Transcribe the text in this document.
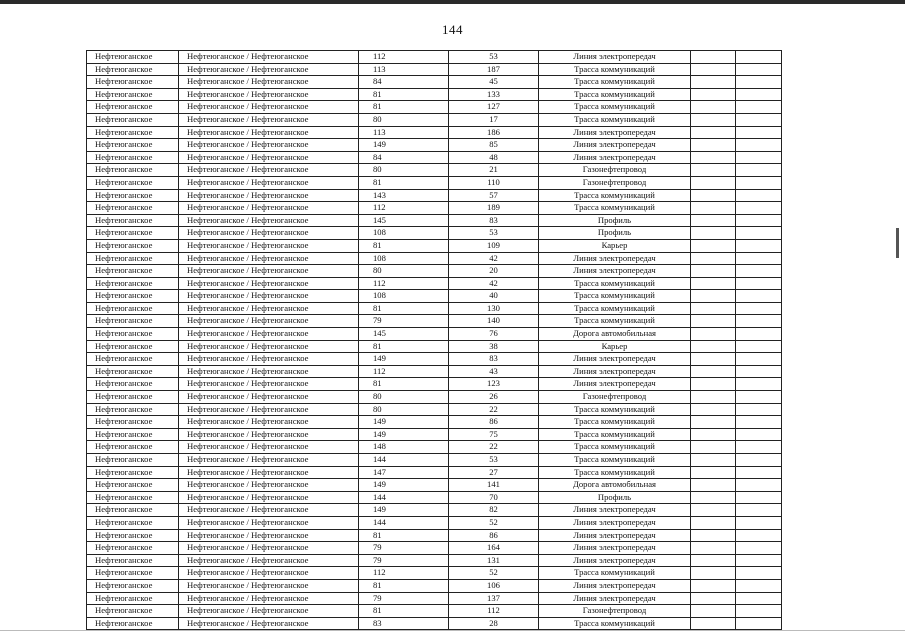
144
Нефтеюганское	Нефтеюганское / Нефтеюганское	112	53	Линия электропередач
Нефтеюганское	Нефтеюганское / Нефтеюганское	113	187	Трасса коммуникаций
Нефтеюганское	Нефтеюганское / Нефтеюганское	84	45	Трасса коммуникаций
Нефтеюганское	Нефтеюганское / Нефтеюганское	81	133	Трасса коммуникаций
Нефтеюганское	Нефтеюганское / Нефтеюганское	81	127	Трасса коммуникаций
Нефтеюганское	Нефтеюганское / Нефтеюганское	80	17	Трасса коммуникаций
Нефтеюганское	Нефтеюганское / Нефтеюганское	113	186	Линия электропередач
Нефтеюганское	Нефтеюганское / Нефтеюганское	149	85	Линия электропередач
Нефтеюганское	Нефтеюганское / Нефтеюганское	84	48	Линия электропередач
Нефтеюганское	Нефтеюганское / Нефтеюганское	80	21	Газонефтепровод
Нефтеюганское	Нефтеюганское / Нефтеюганское	81	110	Газонефтепровод
Нефтеюганское	Нефтеюганское / Нефтеюганское	143	57	Трасса коммуникаций
Нефтеюганское	Нефтеюганское / Нефтеюганское	112	189	Трасса коммуникаций
Нефтеюганское	Нефтеюганское / Нефтеюганское	145	83	Профиль
Нефтеюганское	Нефтеюганское / Нефтеюганское	108	53	Профиль
Нефтеюганское	Нефтеюганское / Нефтеюганское	81	109	Карьер
Нефтеюганское	Нефтеюганское / Нефтеюганское	108	42	Линия электропередач
Нефтеюганское	Нефтеюганское / Нефтеюганское	80	20	Линия электропередач
Нефтеюганское	Нефтеюганское / Нефтеюганское	112	42	Трасса коммуникаций
Нефтеюганское	Нефтеюганское / Нефтеюганское	108	40	Трасса коммуникаций
Нефтеюганское	Нефтеюганское / Нефтеюганское	81	130	Трасса коммуникаций
Нефтеюганское	Нефтеюганское / Нефтеюганское	79	140	Трасса коммуникаций
Нефтеюганское	Нефтеюганское / Нефтеюганское	145	76	Дорога автомобильная
Нефтеюганское	Нефтеюганское / Нефтеюганское	81	38	Карьер
Нефтеюганское	Нефтеюганское / Нефтеюганское	149	83	Линия электропередач
Нефтеюганское	Нефтеюганское / Нефтеюганское	112	43	Линия электропередач
Нефтеюганское	Нефтеюганское / Нефтеюганское	81	123	Линия электропередач
Нефтеюганское	Нефтеюганское / Нефтеюганское	80	26	Газонефтепровод
Нефтеюганское	Нефтеюганское / Нефтеюганское	80	22	Трасса коммуникаций
Нефтеюганское	Нефтеюганское / Нефтеюганское	149	86	Трасса коммуникаций
Нефтеюганское	Нефтеюганское / Нефтеюганское	149	75	Трасса коммуникаций
Нефтеюганское	Нефтеюганское / Нефтеюганское	148	22	Трасса коммуникаций
Нефтеюганское	Нефтеюганское / Нефтеюганское	144	53	Трасса коммуникаций
Нефтеюганское	Нефтеюганское / Нефтеюганское	147	27	Трасса коммуникаций
Нефтеюганское	Нефтеюганское / Нефтеюганское	149	141	Дорога автомобильная
Нефтеюганское	Нефтеюганское / Нефтеюганское	144	70	Профиль
Нефтеюганское	Нефтеюганское / Нефтеюганское	149	82	Линия электропередач
Нефтеюганское	Нефтеюганское / Нефтеюганское	144	52	Линия электропередач
Нефтеюганское	Нефтеюганское / Нефтеюганское	81	86	Линия электропередач
Нефтеюганское	Нефтеюганское / Нефтеюганское	79	164	Линия электропередач
Нефтеюганское	Нефтеюганское / Нефтеюганское	79	131	Линия электропередач
Нефтеюганское	Нефтеюганское / Нефтеюганское	112	52	Трасса коммуникаций
Нефтеюганское	Нефтеюганское / Нефтеюганское	81	106	Линия электропередач
Нефтеюганское	Нефтеюганское / Нефтеюганское	79	137	Линия электропередач
Нефтеюганское	Нефтеюганское / Нефтеюганское	81	112	Газонефтепровод
Нефтеюганское	Нефтеюганское / Нефтеюганское	83	28	Трасса коммуникаций
